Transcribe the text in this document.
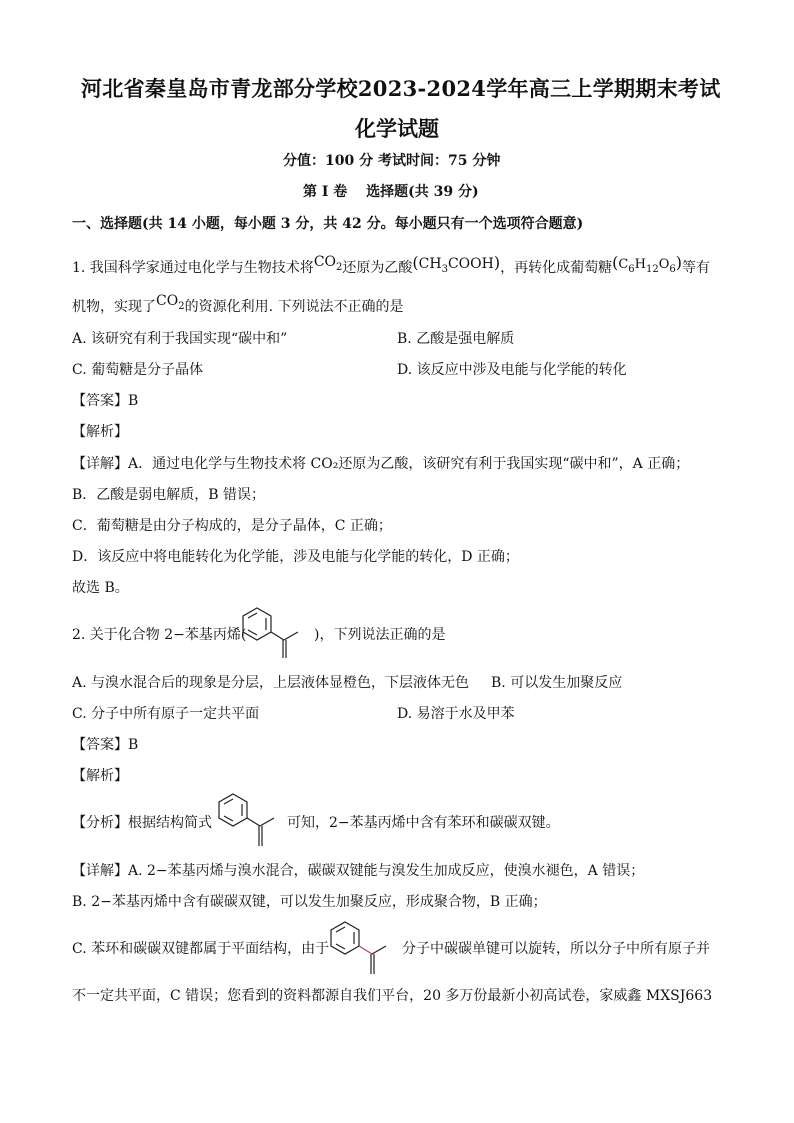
河北省秦皇岛市青龙部分学校2023-2024学年高三上学期期末考试
化学试题
分值：100 分 考试时间：75 分钟
第 I 卷　 选择题(共 39 分)
一、选择题(共 14 小题，每小题 3 分，共 42 分。每小题只有一个选项符合题意)
1. 我国科学家通过电化学与生物技术将$CO_2$还原为乙酸$(CH_3COOH)$，再转化成葡萄糖$(C_6H_{12}O_6)$等有
机物，实现了$CO_2$的资源化利用. 下列说法不正确的是
A. 该研究有利于我国实现“碳中和”	B. 乙酸是强电解质
C. 葡萄糖是分子晶体	D. 该反应中涉及电能与化学能的转化
【答案】B
【解析】
【详解】A．通过电化学与生物技术将 CO₂还原为乙酸，该研究有利于我国实现“碳中和”，A 正确；
B．乙酸是弱电解质，B 错误；
C．葡萄糖是由分子构成的，是分子晶体，C 正确；
D．该反应中将电能转化为化学能，涉及电能与化学能的转化，D 正确；
故选 B。
2. 关于化合物 2−苯基丙烯(	)，下列说法正确的是
A. 与溴水混合后的现象是分层，上层液体显橙色，下层液体无色 B. 可以发生加聚反应
C. 分子中所有原子一定共平面	D. 易溶于水及甲苯
【答案】B
【解析】
【分析】根据结构简式	可知，2−苯基丙烯中含有苯环和碳碳双键。
【详解】A. 2−苯基丙烯与溴水混合，碳碳双键能与溴发生加成反应，使溴水褪色，A 错误；
B. 2−苯基丙烯中含有碳碳双键，可以发生加聚反应，形成聚合物，B 正确；
C. 苯环和碳碳双键都属于平面结构，由于	分子中碳碳单键可以旋转，所以分子中所有原子并
不一定共平面，C 错误；您看到的资料都源自我们平台，20 多万份最新小初高试卷，家威鑫 MXSJ663
